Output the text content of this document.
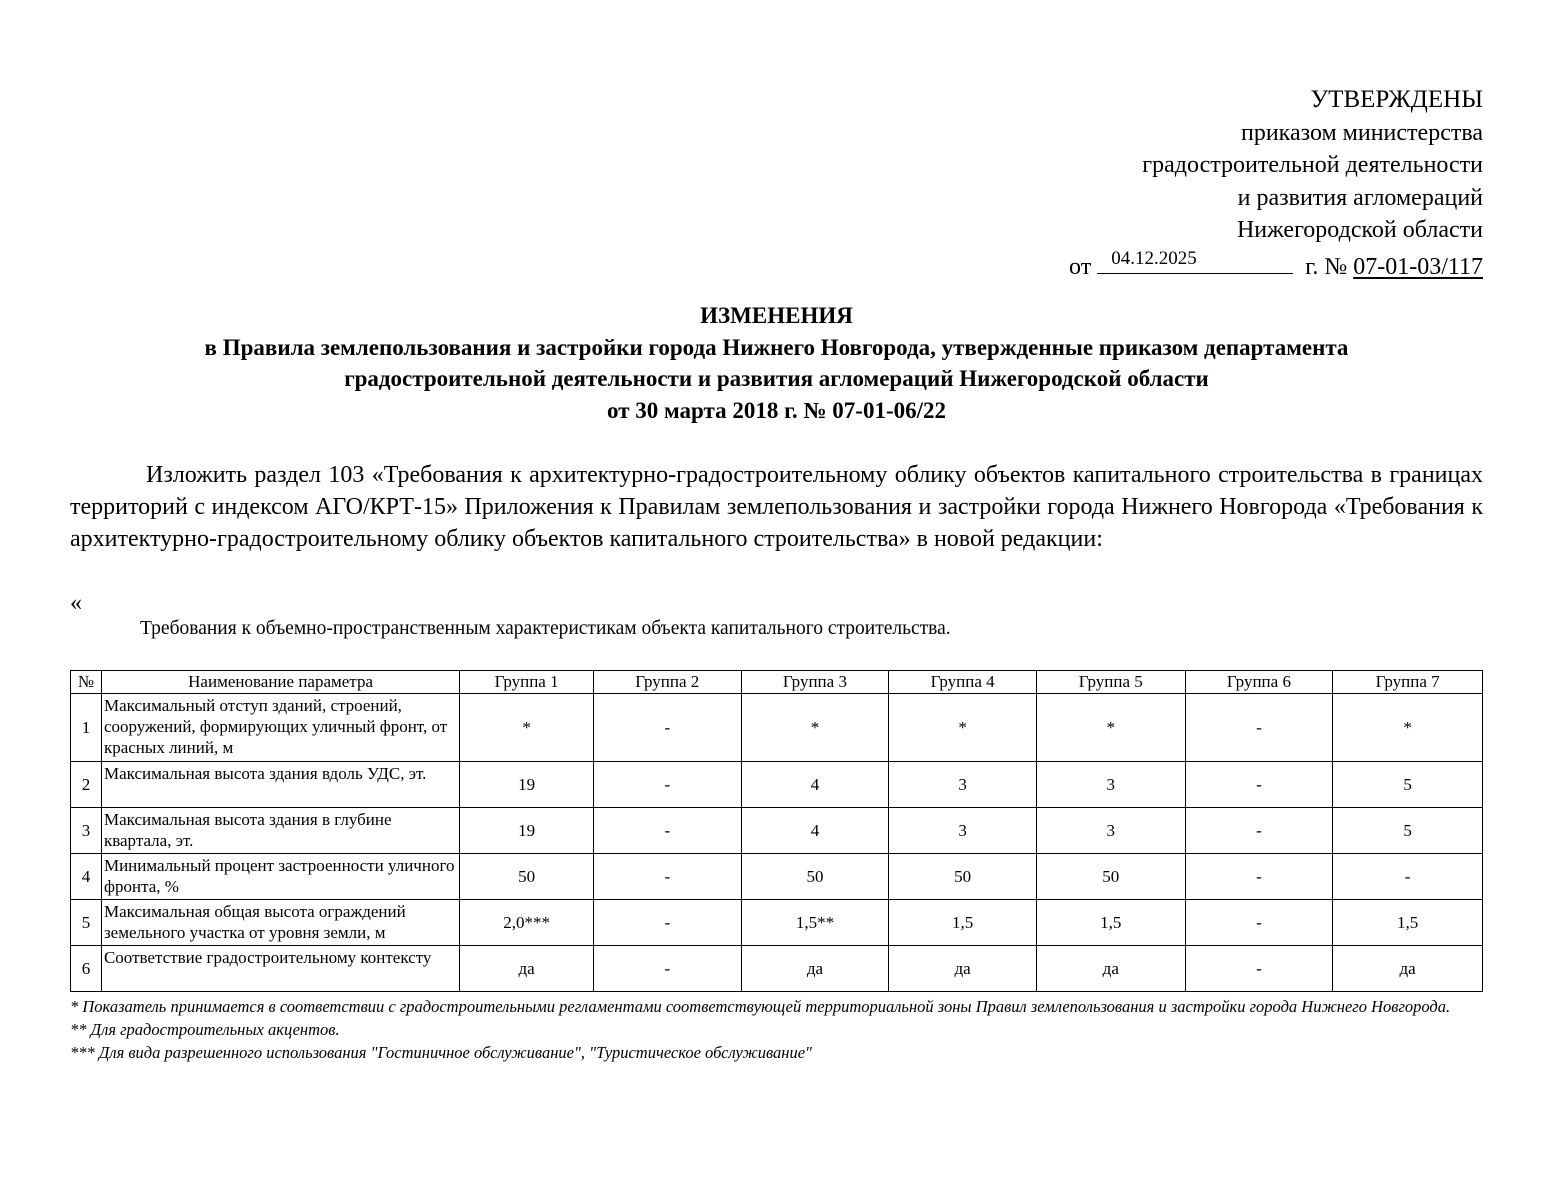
УТВЕРЖДЕНЫ
приказом министерства
градостроительной деятельности
и развития агломераций
Нижегородской области
от 04.12.2025	г. № 07-01-03/117
ИЗМЕНЕНИЯ
в Правила землепользования и застройки города Нижнего Новгорода, утвержденные приказом департамента
градостроительной деятельности и развития агломераций Нижегородской области
от 30 марта 2018 г. № 07-01-06/22
Изложить раздел 103 «Требования к архитектурно-градостроительному облику объектов капитального строительства в границах территорий с индексом АГО/КРТ-15» Приложения к Правилам землепользования и застройки города Нижнего Новгорода «Требования к архитектурно-градостроительному облику объектов капитального строительства» в новой редакции:
«
Требования к объемно-пространственным характеристикам объекта капитального строительства.
№	Наименование параметра	Группа 1	Группа 2	Группа 3	Группа 4	Группа 5	Группа 6	Группа 7
1	Максимальный отступ зданий, строений, сооружений, формирующих уличный фронт, от красных линий, м	*	-	*	*	*	-	*
2	Максимальная высота здания вдоль УДС, эт.	19	-	4	3	3	-	5
3	Максимальная высота здания в глубине квартала, эт.	19	-	4	3	3	-	5
4	Минимальный процент застроенности уличного фронта, %	50	-	50	50	50	-	-
5	Максимальная общая высота ограждений земельного участка от уровня земли, м	2,0***	-	1,5**	1,5	1,5	-	1,5
6	Соответствие градостроительному контексту	да	-	да	да	да	-	да
* Показатель принимается в соответствии с градостроительными регламентами соответствующей территориальной зоны Правил землепользования и застройки города Нижнего Новгорода.
** Для градостроительных акцентов.
*** Для вида разрешенного использования "Гостиничное обслуживание", "Туристическое обслуживание"
